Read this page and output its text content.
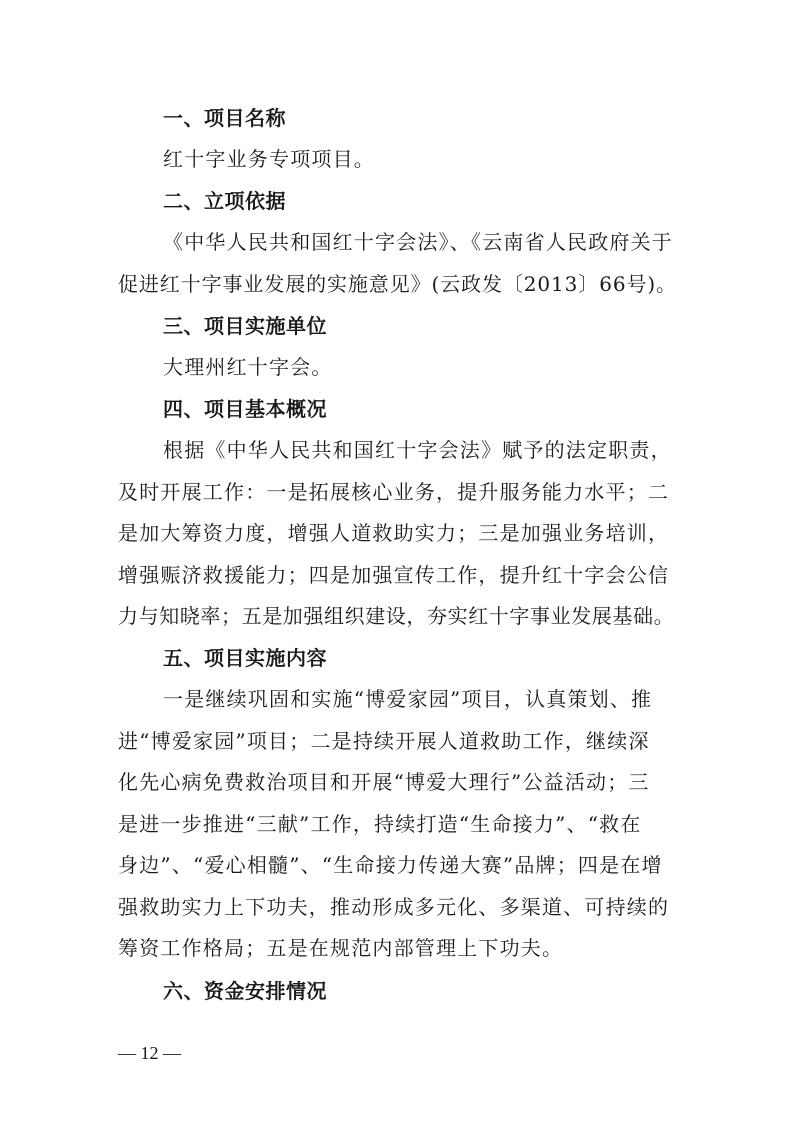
一、项目名称
红十字业务专项项目。
二、立项依据
《中华人民共和国红十字会法》、《云南省人民政府关于
促进红十字事业发展的实施意见》(云政发〔2013〕66号)。
三、项目实施单位
大理州红十字会。
四、项目基本概况
根据《中华人民共和国红十字会法》赋予的法定职责，
及时开展工作：一是拓展核心业务，提升服务能力水平；二
是加大筹资力度，增强人道救助实力；三是加强业务培训，
增强赈济救援能力；四是加强宣传工作，提升红十字会公信
力与知晓率；五是加强组织建设，夯实红十字事业发展基础。
五、项目实施内容
一是继续巩固和实施“博爱家园”项目，认真策划、推
进“博爱家园”项目；二是持续开展人道救助工作，继续深
化先心病免费救治项目和开展“博爱大理行”公益活动；三
是进一步推进“三献”工作，持续打造“生命接力”、“救在
身边”、“爱心相髓”、“生命接力传递大赛”品牌；四是在增
强救助实力上下功夫，推动形成多元化、多渠道、可持续的
筹资工作格局；五是在规范内部管理上下功夫。
六、资金安排情况
— 12 —
